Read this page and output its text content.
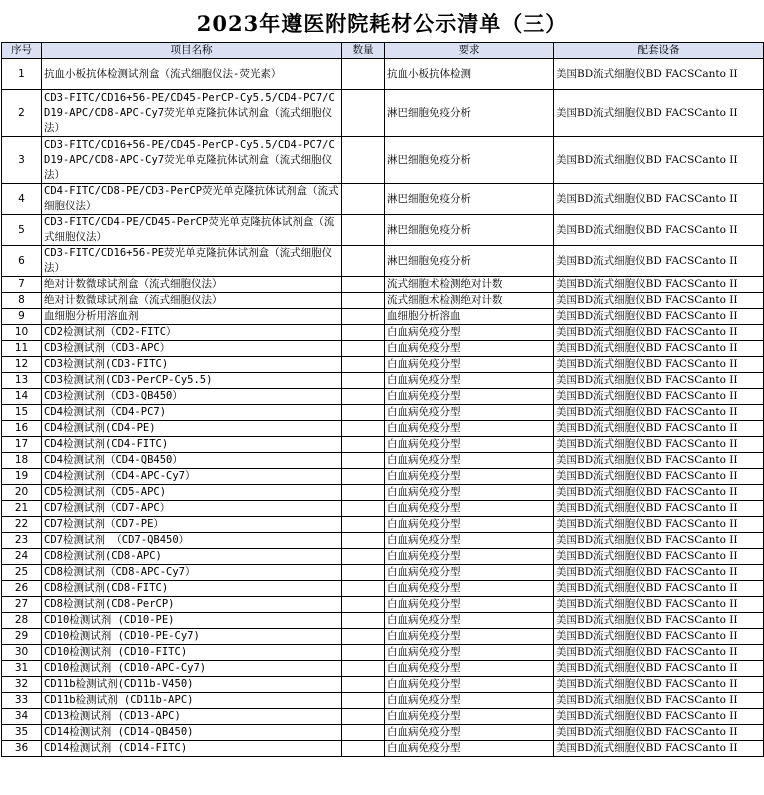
2023年遵医附院耗材公示清单（三）
序号	项目名称	数量	要求	配套设备
1	抗血小板抗体检测试剂盒（流式细胞仪法-荧光素）		抗血小板抗体检测	美国BD流式细胞仪BD FACSCanto II
2	CD3-FITC/CD16+56-PE/CD45-PerCP-Cy5.5/CD4-PC7/CD19-APC/CD8-APC-Cy7荧光单克隆抗体试剂盒（流式细胞仪法）		淋巴细胞免疫分析	美国BD流式细胞仪BD FACSCanto II
3	CD3-FITC/CD16+56-PE/CD45-PerCP-Cy5.5/CD4-PC7/CD19-APC/CD8-APC-Cy7荧光单克隆抗体试剂盒（流式细胞仪法）		淋巴细胞免疫分析	美国BD流式细胞仪BD FACSCanto II
4	CD4-FITC/CD8-PE/CD3-PerCP荧光单克隆抗体试剂盒（流式细胞仪法）		淋巴细胞免疫分析	美国BD流式细胞仪BD FACSCanto II
5	CD3-FITC/CD4-PE/CD45-PerCP荧光单克隆抗体试剂盒（流式细胞仪法）		淋巴细胞免疫分析	美国BD流式细胞仪BD FACSCanto II
6	CD3-FITC/CD16+56-PE荧光单克隆抗体试剂盒（流式细胞仪法）		淋巴细胞免疫分析	美国BD流式细胞仪BD FACSCanto II
7	绝对计数微球试剂盒（流式细胞仪法）		流式细胞术检测绝对计数	美国BD流式细胞仪BD FACSCanto II
8	绝对计数微球试剂盒（流式细胞仪法）		流式细胞术检测绝对计数	美国BD流式细胞仪BD FACSCanto II
9	血细胞分析用溶血剂		血细胞分析溶血	美国BD流式细胞仪BD FACSCanto II
10	CD2检测试剂（CD2-FITC）		白血病免疫分型	美国BD流式细胞仪BD FACSCanto II
11	CD3检测试剂（CD3-APC）		白血病免疫分型	美国BD流式细胞仪BD FACSCanto II
12	CD3检测试剂(CD3-FITC)		白血病免疫分型	美国BD流式细胞仪BD FACSCanto II
13	CD3检测试剂(CD3-PerCP-Cy5.5)		白血病免疫分型	美国BD流式细胞仪BD FACSCanto II
14	CD3检测试剂（CD3-QB450）		白血病免疫分型	美国BD流式细胞仪BD FACSCanto II
15	CD4检测试剂（CD4-PC7)		白血病免疫分型	美国BD流式细胞仪BD FACSCanto II
16	CD4检测试剂(CD4-PE)		白血病免疫分型	美国BD流式细胞仪BD FACSCanto II
17	CD4检测试剂(CD4-FITC)		白血病免疫分型	美国BD流式细胞仪BD FACSCanto II
18	CD4检测试剂（CD4-QB450）		白血病免疫分型	美国BD流式细胞仪BD FACSCanto II
19	CD4检测试剂（CD4-APC-Cy7）		白血病免疫分型	美国BD流式细胞仪BD FACSCanto II
20	CD5检测试剂（CD5-APC)		白血病免疫分型	美国BD流式细胞仪BD FACSCanto II
21	CD7检测试剂（CD7-APC）		白血病免疫分型	美国BD流式细胞仪BD FACSCanto II
22	CD7检测试剂（CD7-PE）		白血病免疫分型	美国BD流式细胞仪BD FACSCanto II
23	CD7检测试剂 （CD7-QB450）		白血病免疫分型	美国BD流式细胞仪BD FACSCanto II
24	CD8检测试剂(CD8-APC)		白血病免疫分型	美国BD流式细胞仪BD FACSCanto II
25	CD8检测试剂（CD8-APC-Cy7）		白血病免疫分型	美国BD流式细胞仪BD FACSCanto II
26	CD8检测试剂(CD8-FITC)		白血病免疫分型	美国BD流式细胞仪BD FACSCanto II
27	CD8检测试剂(CD8-PerCP)		白血病免疫分型	美国BD流式细胞仪BD FACSCanto II
28	CD10检测试剂 (CD10-PE)		白血病免疫分型	美国BD流式细胞仪BD FACSCanto II
29	CD10检测试剂 (CD10-PE-Cy7)		白血病免疫分型	美国BD流式细胞仪BD FACSCanto II
30	CD10检测试剂 (CD10-FITC)		白血病免疫分型	美国BD流式细胞仪BD FACSCanto II
31	CD10检测试剂 (CD10-APC-Cy7)		白血病免疫分型	美国BD流式细胞仪BD FACSCanto II
32	CD11b检测试剂(CD11b-V450)		白血病免疫分型	美国BD流式细胞仪BD FACSCanto II
33	CD11b检测试剂 (CD11b-APC)		白血病免疫分型	美国BD流式细胞仪BD FACSCanto II
34	CD13检测试剂 (CD13-APC)		白血病免疫分型	美国BD流式细胞仪BD FACSCanto II
35	CD14检测试剂 (CD14-QB450)		白血病免疫分型	美国BD流式细胞仪BD FACSCanto II
36	CD14检测试剂 (CD14-FITC)		白血病免疫分型	美国BD流式细胞仪BD FACSCanto II
